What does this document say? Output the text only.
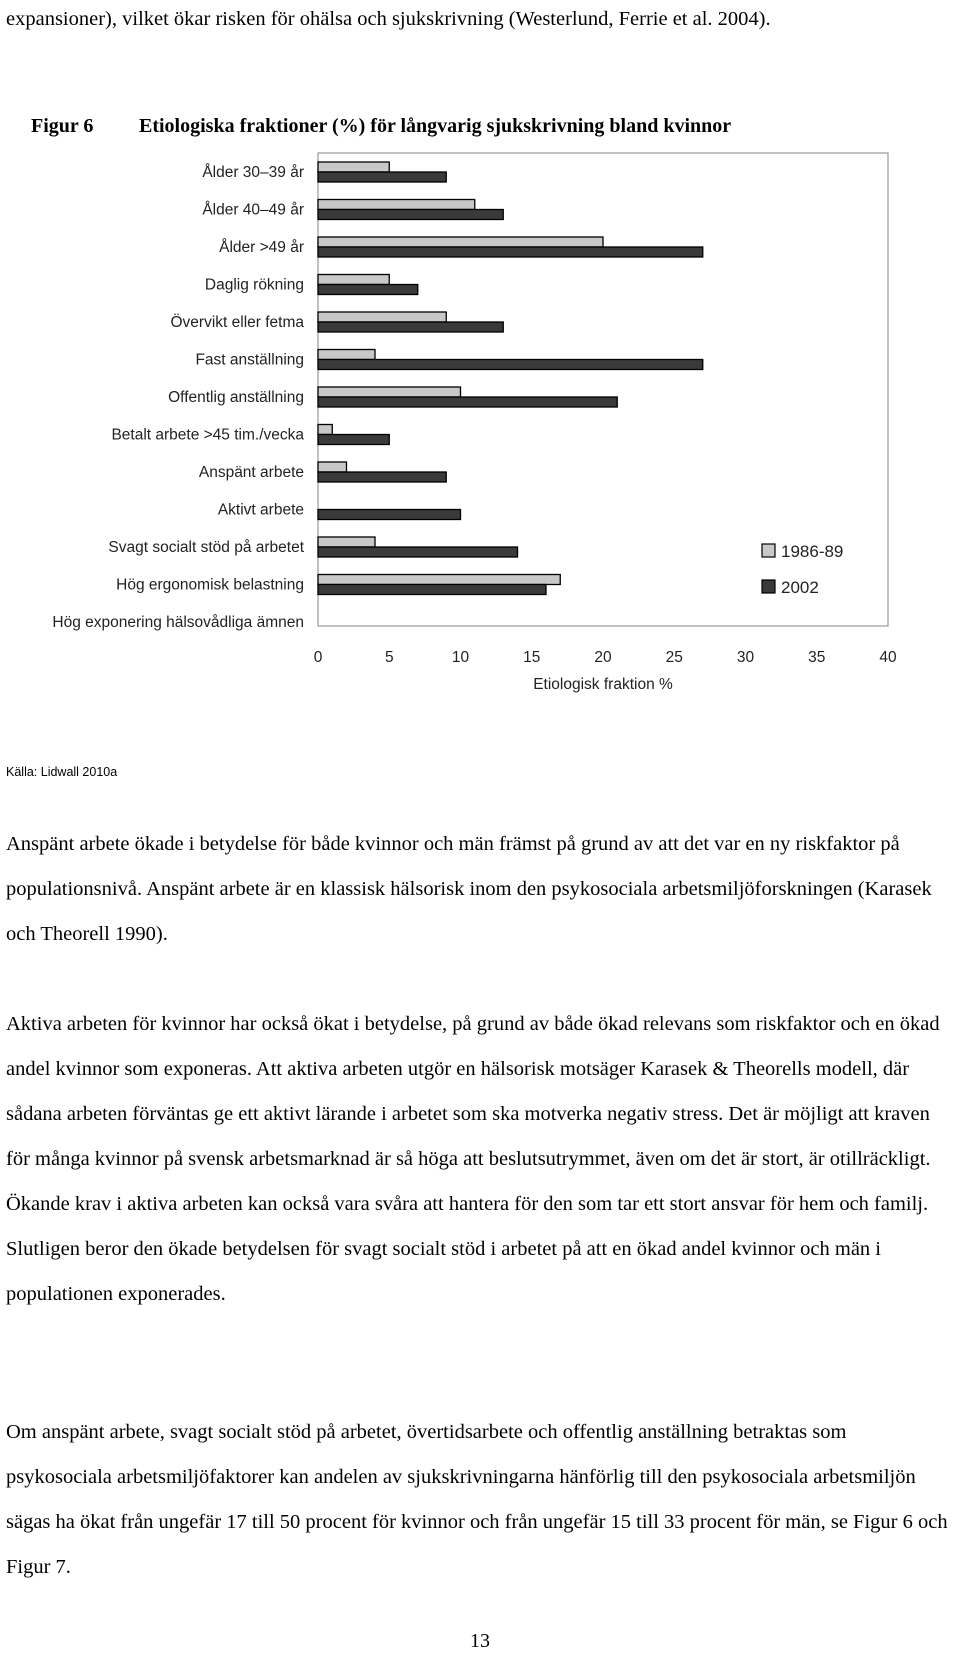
expansioner), vilket ökar risken för ohälsa och sjukskrivning (Westerlund, Ferrie et al. 2004).

Figur 6 Etiologiska fraktioner (%) för långvarig sjukskrivning bland kvinnor
Ålder 30–39 år
Ålder 40–49 år
Ålder >49 år
Daglig rökning
Övervikt eller fetma
Fast anställning
Offentlig anställning
Betalt arbete >45 tim./vecka
Anspänt arbete
Aktivt arbete
Svagt socialt stöd på arbetet
Hög ergonomisk belastning
Hög exponering hälsovådliga ämnen
0	5	10	15	20	25	30	35	40
Etiologisk fraktion %
1986-89
2002
Källa: Lidwall 2010a

Anspänt arbete ökade i betydelse för både kvinnor och män främst på grund av att det var en ny riskfaktor på populationsnivå. Anspänt arbete är en klassisk hälsorisk inom den psykosociala arbetsmiljöforskningen (Karasek och Theorell 1990).

Aktiva arbeten för kvinnor har också ökat i betydelse, på grund av både ökad relevans som riskfaktor och en ökad andel kvinnor som exponeras. Att aktiva arbeten utgör en hälsorisk motsäger Karasek & Theorells modell, där sådana arbeten förväntas ge ett aktivt lärande i arbetet som ska motverka negativ stress. Det är möjligt att kraven för många kvinnor på svensk arbetsmarknad är så höga att beslutsutrymmet, även om det är stort, är otillräckligt. Ökande krav i aktiva arbeten kan också vara svåra att hantera för den som tar ett stort ansvar för hem och familj. Slutligen beror den ökade betydelsen för svagt socialt stöd i arbetet på att en ökad andel kvinnor och män i populationen exponerades.

Om anspänt arbete, svagt socialt stöd på arbetet, övertidsarbete och offentlig anställning betraktas som psykosociala arbetsmiljöfaktorer kan andelen av sjukskrivningarna hänförlig till den psykosociala arbetsmiljön sägas ha ökat från ungefär 17 till 50 procent för kvinnor och från ungefär 15 till 33 procent för män, se Figur 6 och Figur 7.

13
